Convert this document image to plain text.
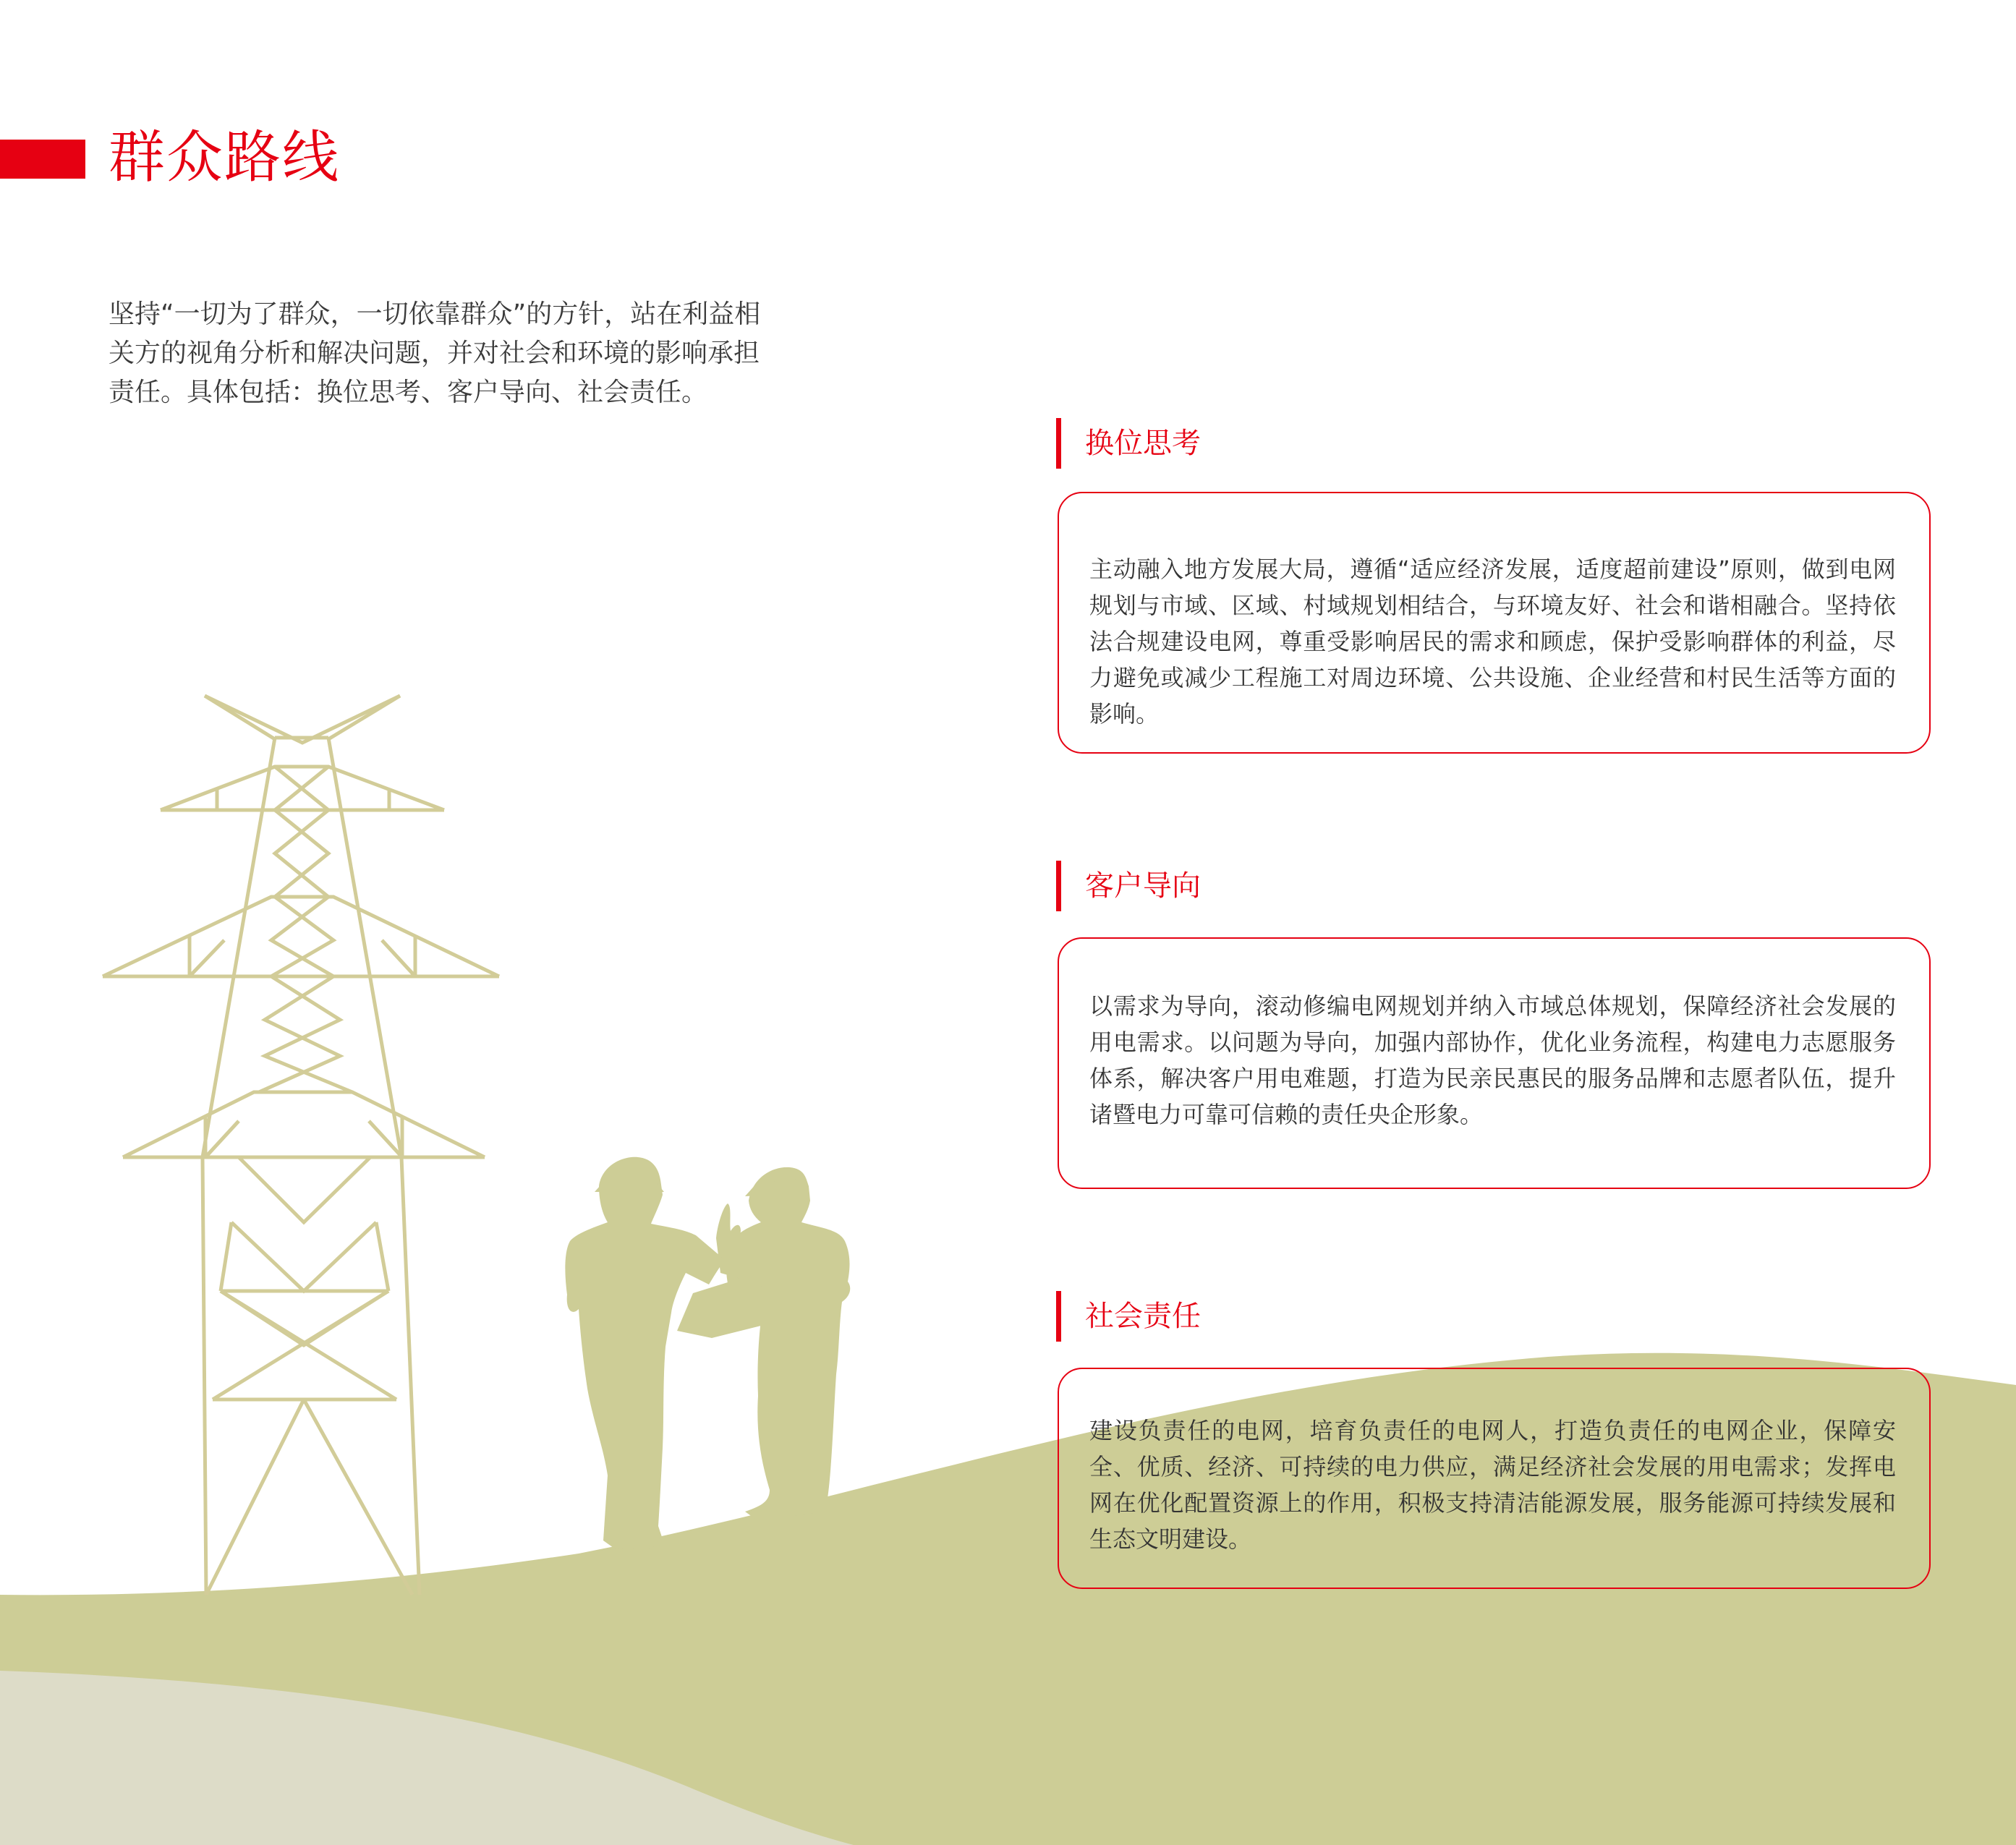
群众路线

坚持“一切为了群众，一切依靠群众”的方针，站在利益相关方的视角分析和解决问题，并对社会和环境的影响承担责任。具体包括：换位思考、客户导向、社会责任。

换位思考

主动融入地方发展大局，遵循“适应经济发展，适度超前建设”原则，做到电网规划与市域、区域、村域规划相结合，与环境友好、社会和谐相融合。坚持依法合规建设电网，尊重受影响居民的需求和顾虑，保护受影响群体的利益，尽力避免或减少工程施工对周边环境、公共设施、企业经营和村民生活等方面的影响。

客户导向

以需求为导向，滚动修编电网规划并纳入市域总体规划，保障经济社会发展的用电需求。以问题为导向，加强内部协作，优化业务流程，构建电力志愿服务体系，解决客户用电难题，打造为民亲民惠民的服务品牌和志愿者队伍，提升诸暨电力可靠可信赖的责任央企形象。

社会责任

建设负责任的电网，培育负责任的电网人，打造负责任的电网企业，保障安全、优质、经济、可持续的电力供应，满足经济社会发展的用电需求；发挥电网在优化配置资源上的作用，积极支持清洁能源发展，服务能源可持续发展和生态文明建设。
